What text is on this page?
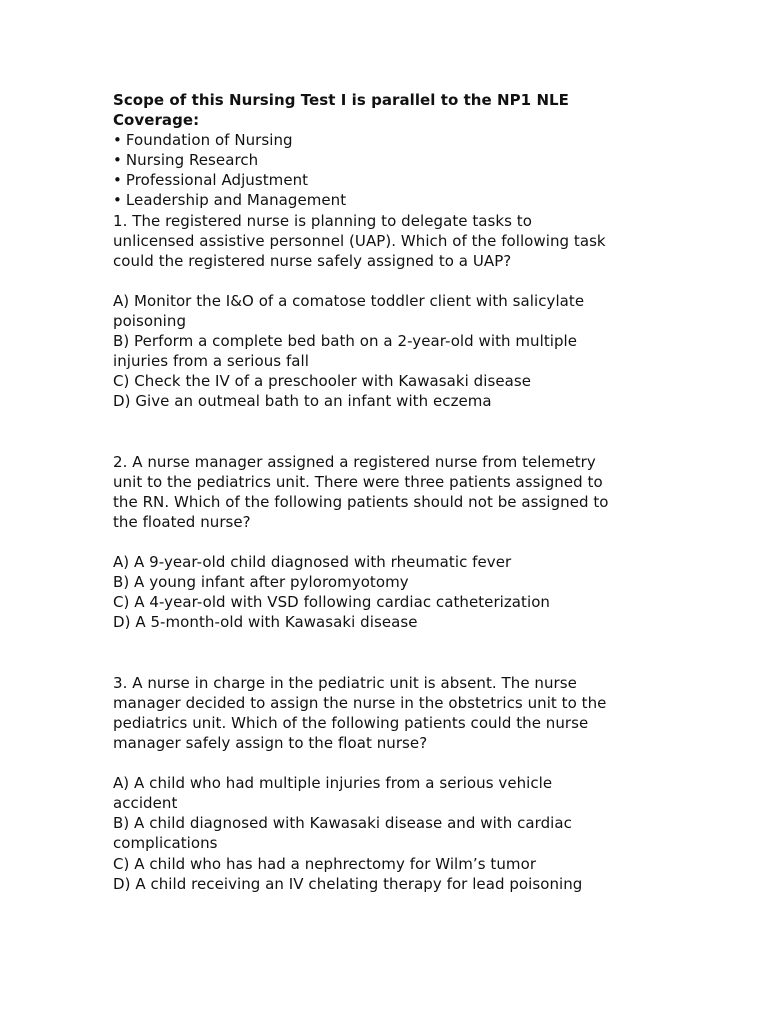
Scope of this Nursing Test I is parallel to the NP1 NLE

Coverage:

• Foundation of Nursing

• Nursing Research

• Professional Adjustment

• Leadership and Management

1. The registered nurse is planning to delegate tasks to

unlicensed assistive personnel (UAP). Which of the following task

could the registered nurse safely assigned to a UAP?

A) Monitor the I&O of a comatose toddler client with salicylate

poisoning

B) Perform a complete bed bath on a 2-year-old with multiple

injuries from a serious fall

C) Check the IV of a preschooler with Kawasaki disease

D) Give an outmeal bath to an infant with eczema

2. A nurse manager assigned a registered nurse from telemetry

unit to the pediatrics unit. There were three patients assigned to

the RN. Which of the following patients should not be assigned to

the floated nurse?

A) A 9-year-old child diagnosed with rheumatic fever

B) A young infant after pyloromyotomy

C) A 4-year-old with VSD following cardiac catheterization

D) A 5-month-old with Kawasaki disease

3. A nurse in charge in the pediatric unit is absent. The nurse

manager decided to assign the nurse in the obstetrics unit to the

pediatrics unit. Which of the following patients could the nurse

manager safely assign to the float nurse?

A) A child who had multiple injuries from a serious vehicle

accident

B) A child diagnosed with Kawasaki disease and with cardiac

complications

C) A child who has had a nephrectomy for Wilm’s tumor

D) A child receiving an IV chelating therapy for lead poisoning
